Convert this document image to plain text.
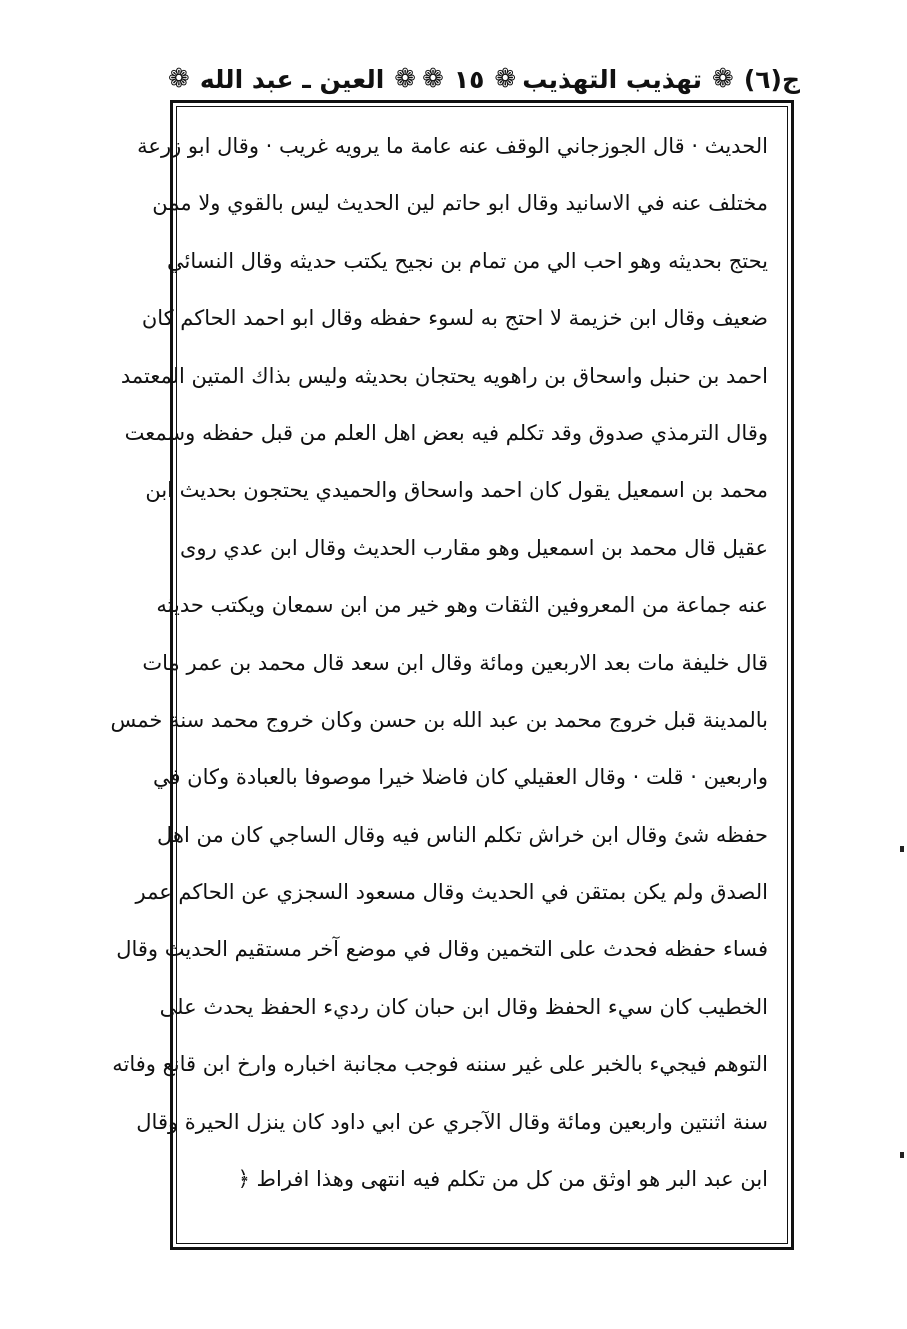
ج(٦)
❁
تهذيب التهذيب
❁
١٥
❁
❁
العين ـ عبد الله
❁
الحديث · قال الجوزجاني الوقف عنه عامة ما يرويه غريب · وقال ابو زرعة
مختلف عنه في الاسانيد وقال ابو حاتم لين الحديث ليس بالقوي ولا ممن
يحتج بحديثه وهو احب الي من تمام بن نجيح يكتب حديثه وقال النسائي
ضعيف وقال ابن خزيمة لا احتج به لسوء حفظه وقال ابو احمد الحاكم كان
احمد بن حنبل واسحاق بن راهويه يحتجان بحديثه وليس بذاك المتين المعتمد
وقال الترمذي صدوق وقد تكلم فيه بعض اهل العلم من قبل حفظه وسمعت
محمد بن اسمعيل يقول كان احمد واسحاق والحميدي يحتجون بحديث ابن
عقيل قال محمد بن اسمعيل وهو مقارب الحديث وقال ابن عدي روى
عنه جماعة من المعروفين الثقات وهو خير من ابن سمعان ويكتب حديثه
قال خليفة مات بعد الاربعين ومائة وقال ابن سعد قال محمد بن عمر مات
بالمدينة قبل خروج محمد بن عبد الله بن حسن وكان خروج محمد سنة خمس
واربعين · قلت · وقال العقيلي كان فاضلا خيرا موصوفا بالعبادة وكان في
حفظه شئ وقال ابن خراش تكلم الناس فيه وقال الساجي كان من اهل
الصدق ولم يكن بمتقن في الحديث وقال مسعود السجزي عن الحاكم عمر
فساء حفظه فحدث على التخمين وقال في موضع آخر مستقيم الحديث وقال
الخطيب كان سيء الحفظ وقال ابن حبان كان رديء الحفظ يحدث على
التوهم فيجيء بالخبر على غير سننه فوجب مجانبة اخباره وارخ ابن قانع وفاته
سنة اثنتين واربعين ومائة وقال الآجري عن ابي داود كان ينزل الحيرة وقال
ابن عبد البر هو اوثق من كل من تكلم فيه انتهى وهذا افراط ﴿
